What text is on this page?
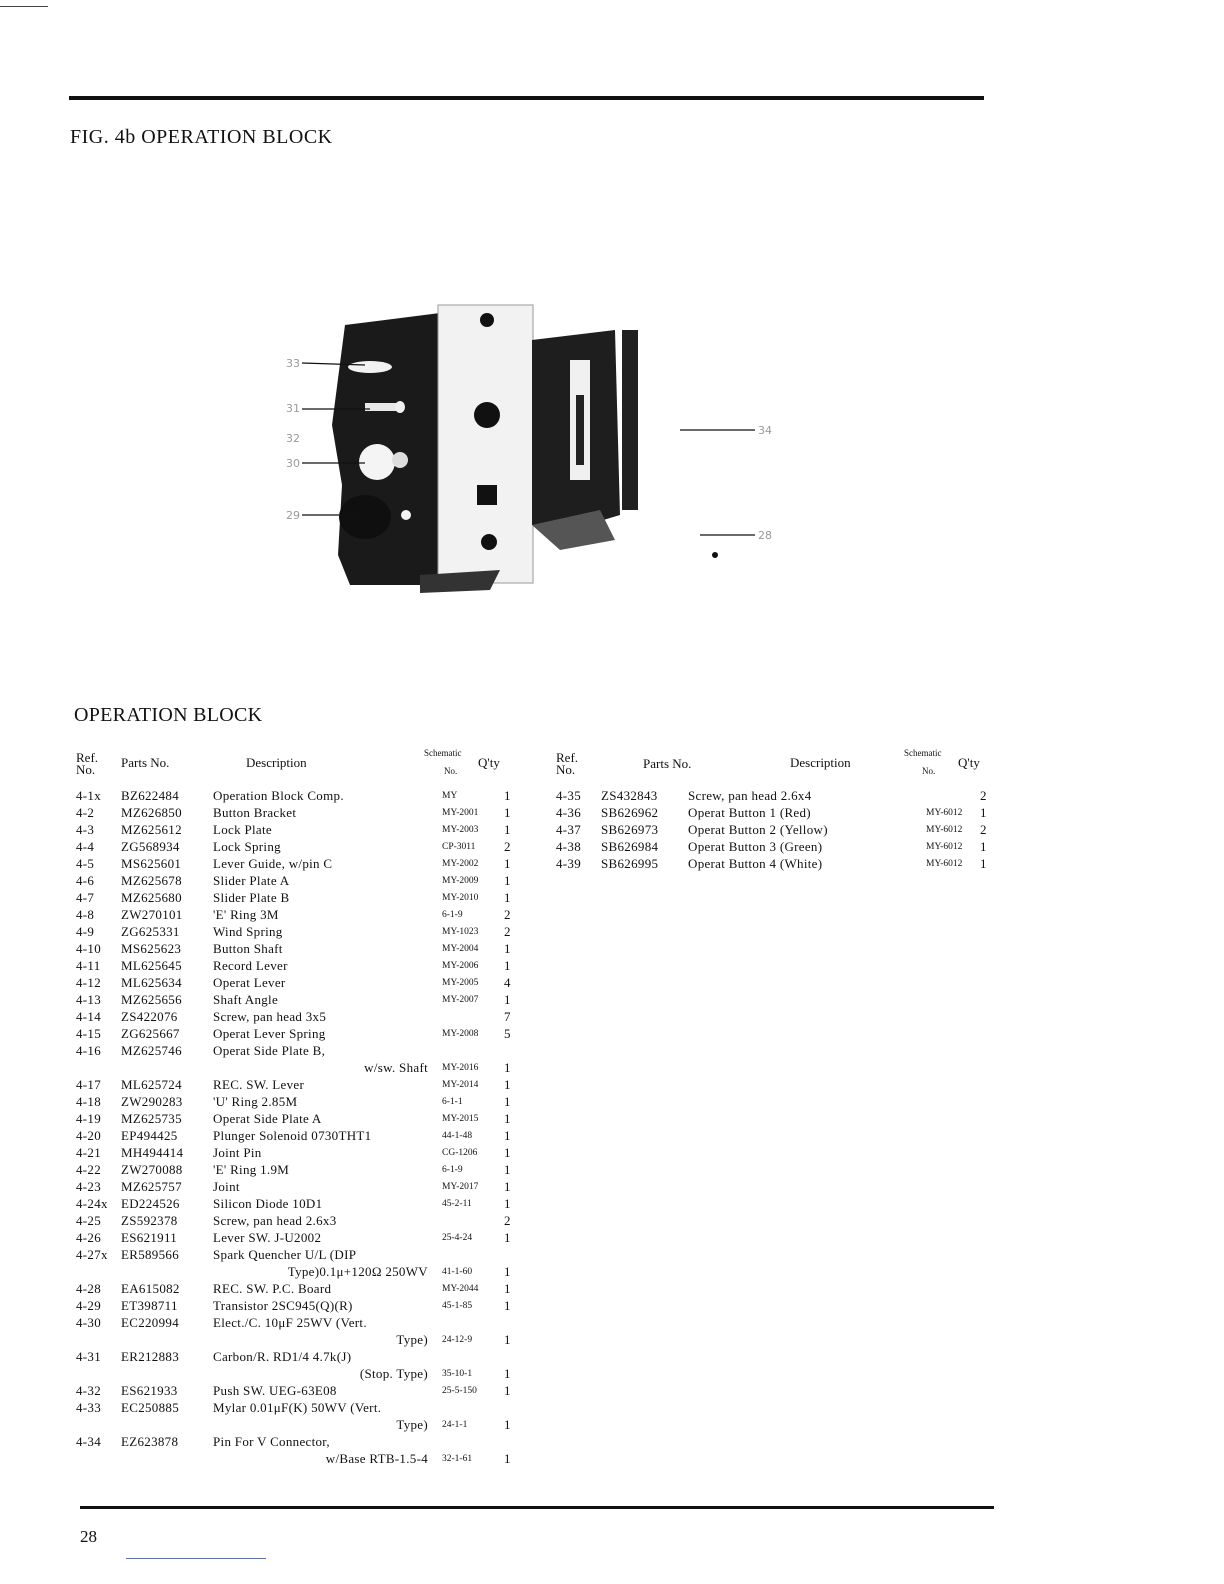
FIG. 4b OPERATION BLOCK
33
31
32
30
29
34
28
OPERATION BLOCK
Ref.
No. Parts No.	Description
Schematic
No.
Q'ty
4-1x BZ622484	Operation Block Comp.	MY	1
4-2 MZ626850 Button Bracket	MY-2001 1
4-3 MZ625612 Lock Plate	MY-2003 1
4-4 ZG568934	Lock Spring	CP-3011 2
4-5 MS625601 Lever Guide, w/pin C	MY-2002 1
4-6 MZ625678 Slider Plate A	MY-2009 1
4-7 MZ625680 Slider Plate B	MY-2010 1
4-8 ZW270101 'E' Ring 3M	6-1-9	2
4-9 ZG625331	Wind Spring	MY-1023 2
4-10 MS625623 Button Shaft	MY-2004 1
4-11 ML625645 Record Lever	MY-2006 1
4-12 ML625634 Operat Lever	MY-2005 4
4-13 MZ625656 Shaft Angle	MY-2007 1
4-14 ZS422076	Screw, pan head 3x5	7
4-15 ZG625667	Operat Lever Spring	MY-2008 5
4-16 MZ625746 Operat Side Plate B,
w/sw. Shaft MY-2016 1
4-17 ML625724 REC. SW. Lever	MY-2014 1
4-18 ZW290283 'U' Ring 2.85M	6-1-1	1
4-19 MZ625735 Operat Side Plate A	MY-2015 1
4-20 EP494425	Plunger Solenoid 0730THT1	44-1-48 1
4-21 MH494414 Joint Pin	CG-1206 1
4-22 ZW270088 'E' Ring 1.9M	6-1-9	1
4-23 MZ625757 Joint	MY-2017 1
4-24x ED224526	Silicon Diode 10D1	45-2-11 1
4-25 ZS592378	Screw, pan head 2.6x3	2
4-26 ES621911	Lever SW. J-U2002	25-4-24 1
4-27x ER589566	Spark Quencher U/L (DIP
Type)0.1μ+120Ω 250WV 41-1-60 1
4-28 EA615082	REC. SW. P.C. Board	MY-2044 1
4-29 ET398711	Transistor 2SC945(Q)(R)	45-1-85 1
4-30 EC220994	Elect./C. 10μF 25WV (Vert.
Type) 24-12-9 1
4-31 ER212883	Carbon/R. RD1/4 4.7k(J)
(Stop. Type) 35-10-1 1
4-32 ES621933	Push SW. UEG-63E08	25-5-150 1
4-33 EC250885	Mylar 0.01μF(K) 50WV (Vert.
Type) 24-1-1	1
4-34 EZ623878	Pin For V Connector,
w/Base RTB-1.5-4 32-1-61 1
Ref.
No.	Parts No.	Description
Schematic
No.
Q'ty
4-35 ZS432843 Screw, pan head 2.6x4	2
4-36 SB626962 Operat Button 1 (Red)	MY-6012 1
4-37 SB626973 Operat Button 2 (Yellow)	MY-6012 2
4-38 SB626984 Operat Button 3 (Green)	MY-6012 1
4-39 SB626995 Operat Button 4 (White)	MY-6012 1
28
